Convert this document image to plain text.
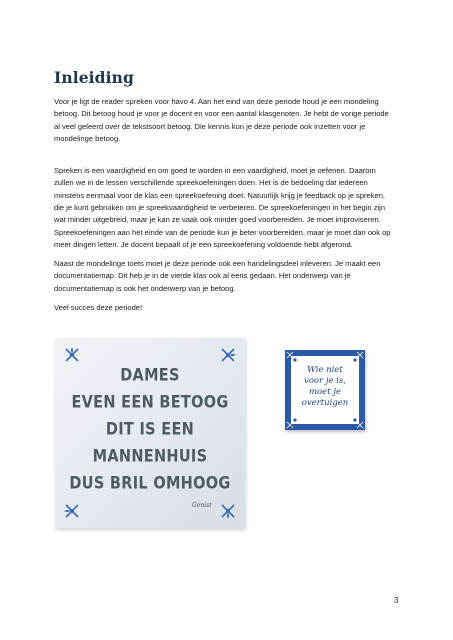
Inleiding

Voor je ligt de reader spreken voor havo 4. Aan het eind van deze periode houd je een mondeling
betoog. Dit betoog houd je voor je docent en voor een aantal klasgenoten. Je hebt de vorige periode
al veel geleerd over de tekstsoort betoog. Die kennis kun je deze periode ook inzetten voor je
mondelinge betoog.

Spreken is een vaardigheid en om goed te worden in een vaardigheid, moet je oefenen. Daarom
zullen we in de lessen verschillende spreekoefeningen doen. Het is de bedoeling dat iedereen
minstens eenmaal voor de klas een spreekoefening doet. Natuurlijk krijg je feedback op je spreken,
die je kunt gebruiken om je spreekvaardigheid te verbeteren. De spreekoefeningen in het begin zijn
wat minder uitgebreid, maar je kan ze vaak ook minder goed voorbereiden. Je moet improviseren.
Spreekoefeningen aan het einde van de periode kun je beter voorbereiden, maar je moet dan ook op
meer dingen letten. Je docent bepaalt of je een spreekoefening voldoende hebt afgerond.

Naast de mondelinge toets moet je deze periode ook een handelingsdeel inleveren. Je maakt een
documentatiemap. Dit heb je in de vierde klas ook al eens gedaan. Het onderwerp van je
documentatiemap is ook het onderwerp van je betoog.

Veel succes deze periode!

DAMES
EVEN EEN BETOOG
DIT IS EEN
MANNENHUIS
DUS BRIL OMHOOG
Genist
Wie niet
voor je is,
moet je
overtuigen
3
